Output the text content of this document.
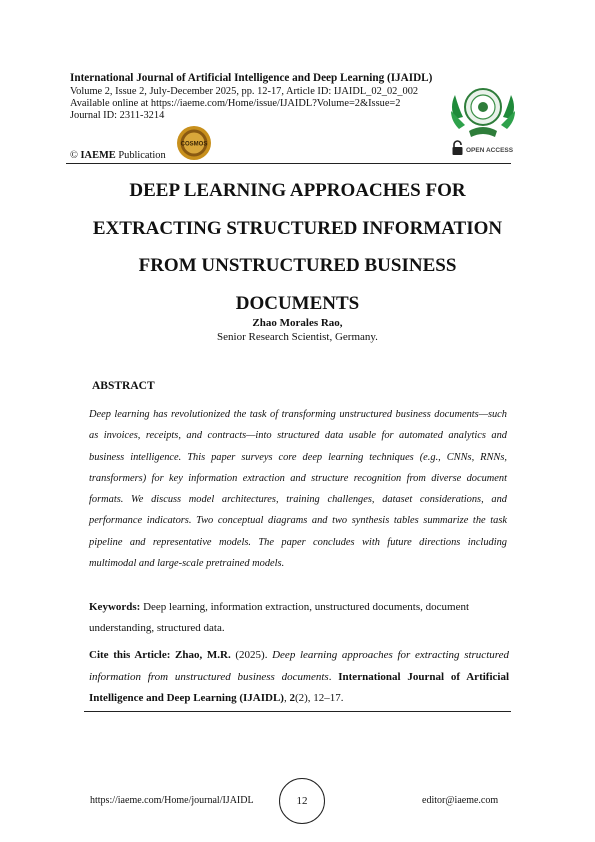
International Journal of Artificial Intelligence and Deep Learning (IJAIDL)
Volume 2, Issue 2, July-December 2025, pp. 12-17, Article ID: IJAIDL_02_02_002
Available online at https://iaeme.com/Home/issue/IJAIDL?Volume=2&Issue=2
Journal ID: 2311-3214
© IAEME Publication
COSMOS
OPEN ACCESS
DEEP LEARNING APPROACHES FOR
EXTRACTING STRUCTURED INFORMATION
FROM UNSTRUCTURED BUSINESS
DOCUMENTS
Zhao Morales Rao,
Senior Research Scientist, Germany.
ABSTRACT
Deep learning has revolutionized the task of transforming unstructured business documents—such as invoices, receipts, and contracts—into structured data usable for automated analytics and business intelligence. This paper surveys core deep learning techniques (e.g., CNNs, RNNs, transformers) for key information extraction and structure recognition from diverse document formats. We discuss model architectures, training challenges, dataset considerations, and performance indicators. Two conceptual diagrams and two synthesis tables summarize the task pipeline and representative models. The paper concludes with future directions including multimodal and large-scale pretrained models.
Keywords: Deep learning, information extraction, unstructured documents, document understanding, structured data.
Cite this Article: Zhao, M.R. (2025). Deep learning approaches for extracting structured information from unstructured business documents. International Journal of Artificial Intelligence and Deep Learning (IJAIDL), 2(2), 12–17.
https://iaeme.com/Home/journal/IJAIDL	12	editor@iaeme.com
